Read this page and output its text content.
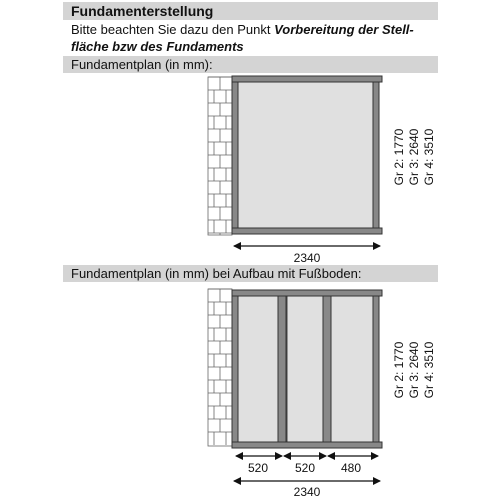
Fundamenterstellung
Bitte beachten Sie dazu den Punkt Vorbereitung der Stell-
fläche bzw des Fundaments
Fundamentplan (in mm):
Fundamentplan (in mm) bei Aufbau mit Fußboden:
2340
Gr 2: 1770 Gr 3: 2640 Gr 4: 3510
520 520 480
2340
Gr 2: 1770 Gr 3: 2640 Gr 4: 3510
